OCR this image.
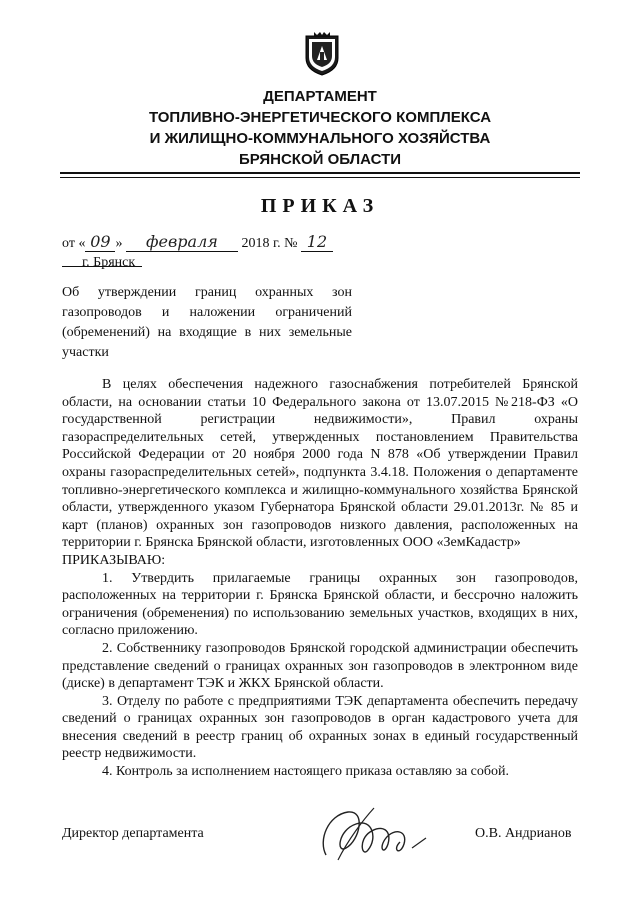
ДЕПАРТАМЕНТ
ТОПЛИВНО-ЭНЕРГЕТИЧЕСКОГО КОМПЛЕКСА
И ЖИЛИЩНО-КОММУНАЛЬНОГО ХОЗЯЙСТВА
БРЯНСКОЙ ОБЛАСТИ
ПРИКАЗ
от « 09 » февраля 2018 г. № 12
г. Брянск
Об утверждении границ охранных зон газопроводов и наложении ограничений (обременений) на входящие в них земельные участки

В целях обеспечения надежного газоснабжения потребителей Брянской области, на основании статьи 10 Федерального закона от 13.07.2015 №218-ФЗ «О государственной регистрации недвижимости», Правил охраны газораспределительных сетей, утвержденных постановлением Правительства Российской Федерации от 20 ноября 2000 года N 878 «Об утверждении Правил охраны газораспределительных сетей», подпункта 3.4.18. Положения о департаменте топливно-энергетического комплекса и жилищно-коммунального хозяйства Брянской области, утвержденного указом Губернатора Брянской области 29.01.2013г. № 85 и карт (планов) охранных зон газопроводов низкого давления, расположенных на территории г. Брянска Брянской области, изготовленных ООО «ЗемКадастр»

ПРИКАЗЫВАЮ:

1. Утвердить прилагаемые границы охранных зон газопроводов, расположенных на территории г. Брянска Брянской области, и бессрочно наложить ограничения (обременения) по использованию земельных участков, входящих в них, согласно приложению.

2. Собственнику газопроводов Брянской городской администрации обеспечить представление сведений о границах охранных зон газопроводов в электронном виде (диске) в департамент ТЭК и ЖКХ Брянской области.

3. Отделу по работе с предприятиями ТЭК департамента обеспечить передачу сведений о границах охранных зон газопроводов в орган кадастрового учета для внесения сведений в реестр границ об охранных зонах в единый государственный реестр недвижимости.

4. Контроль за исполнением настоящего приказа оставляю за собой.

Директор департамента	О.В. Андрианов
